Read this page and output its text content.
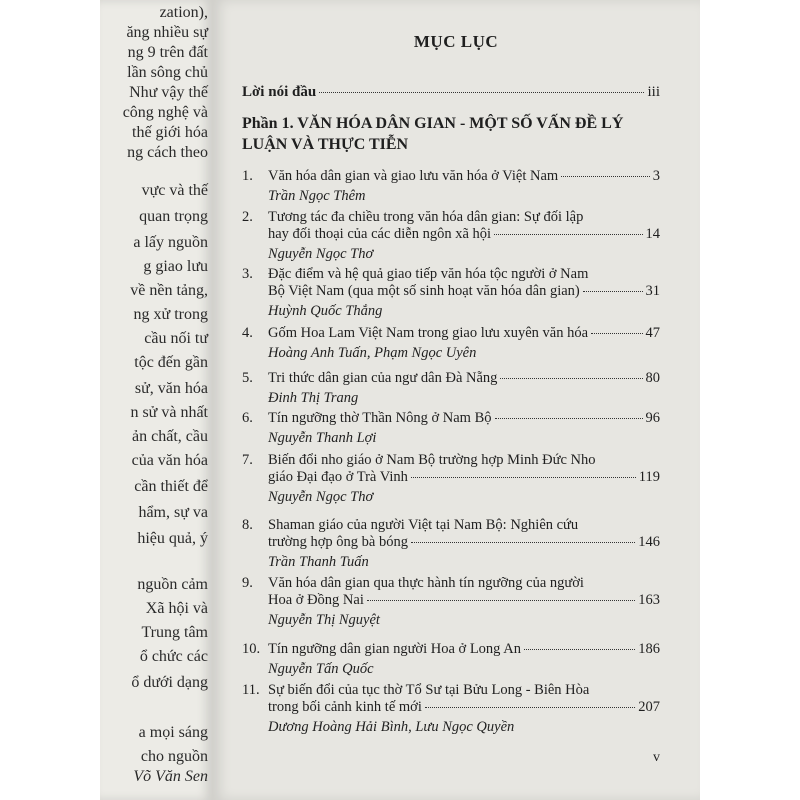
zation),
ăng nhiều sự
ng 9 trên đất
lần sông chủ
Như vậy thế
công nghệ và
thế giới hóa
ng cách theo
vực và thế
quan trọng
a lấy nguồn
g giao lưu
về nền tảng,
ng xử trong
cầu nối tư
tộc đến gần
sử, văn hóa
n sử và nhất
ản chất, cầu
của văn hóa
cần thiết để
hẩm, sự va
hiệu quả, ý
nguồn cảm
Xã hội và
Trung tâm
ổ chức các
ổ dưới dạng
a mọi sáng
cho nguồn
Võ Văn Sen
MỤC LỤC
Lời nói đầu	iii
Phần 1. VĂN HÓA DÂN GIAN - MỘT SỐ VẤN ĐỀ LÝ LUẬN VÀ THỰC TIỄN
1.	Văn hóa dân gian và giao lưu văn hóa ở Việt Nam	3
Trần Ngọc Thêm
2.	Tương tác đa chiều trong văn hóa dân gian: Sự đối lập
hay đối thoại của các diễn ngôn xã hội	14
Nguyễn Ngọc Thơ
3.	Đặc điểm và hệ quả giao tiếp văn hóa tộc người ở Nam
Bộ Việt Nam (qua một số sinh hoạt văn hóa dân gian)	31
Huỳnh Quốc Thắng
4.	Gốm Hoa Lam Việt Nam trong giao lưu xuyên văn hóa	47
Hoàng Anh Tuấn, Phạm Ngọc Uyên
5.	Tri thức dân gian của ngư dân Đà Nẵng	80
Đinh Thị Trang
6.	Tín ngưỡng thờ Thần Nông ở Nam Bộ	96
Nguyễn Thanh Lợi
7.	Biến đổi nho giáo ở Nam Bộ trường hợp Minh Đức Nho
giáo Đại đạo ở Trà Vinh	119
Nguyễn Ngọc Thơ
8.	Shaman giáo của người Việt tại Nam Bộ: Nghiên cứu
trường hợp ông bà bóng	146
Trần Thanh Tuấn
9.	Văn hóa dân gian qua thực hành tín ngưỡng của người
Hoa ở Đồng Nai	163
Nguyễn Thị Nguyệt
10. Tín ngưỡng dân gian người Hoa ở Long An	186
Nguyễn Tấn Quốc
11. Sự biến đổi của tục thờ Tổ Sư tại Bửu Long - Biên Hòa
trong bối cảnh kinh tế mới	207
Dương Hoàng Hải Bình, Lưu Ngọc Quyền
v
